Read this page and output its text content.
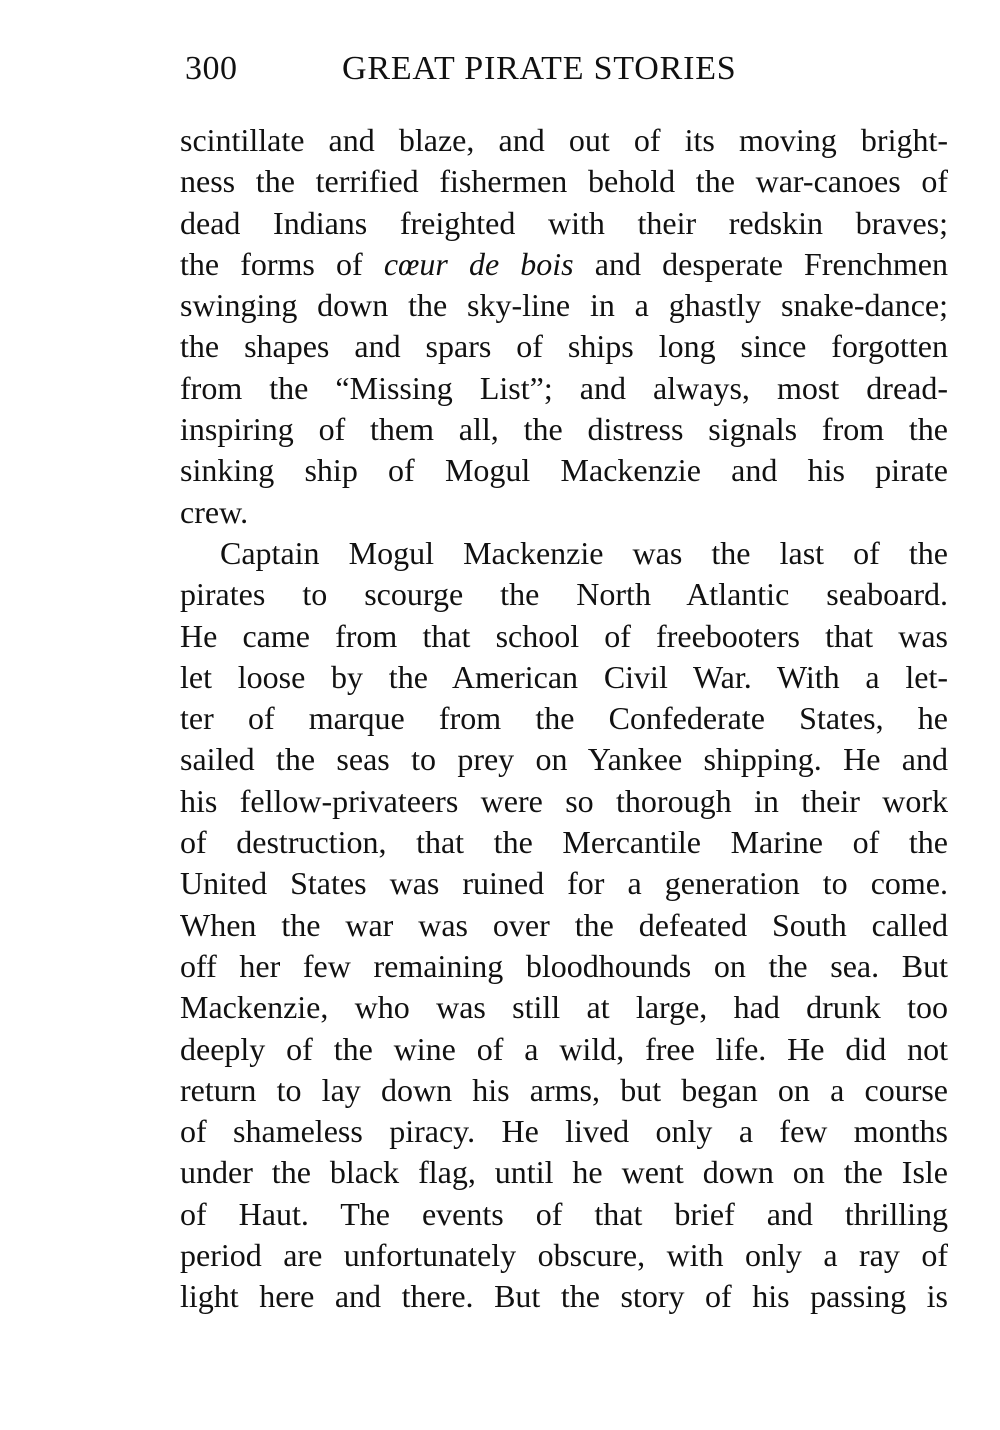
300	GREAT PIRATE STORIES
scintillate and blaze, and out of its moving bright-
ness the terrified fishermen behold the war-canoes of
dead Indians freighted with their redskin braves;
the forms of cœur de bois and desperate Frenchmen
swinging down the sky-line in a ghastly snake-dance;
the shapes and spars of ships long since forgotten
from the “Missing List”; and always, most dread-
inspiring of them all, the distress signals from the
sinking ship of Mogul Mackenzie and his pirate
crew.
Captain Mogul Mackenzie was the last of the
pirates to scourge the North Atlantic seaboard.
He came from that school of freebooters that was
let loose by the American Civil War. With a let-
ter of marque from the Confederate States, he
sailed the seas to prey on Yankee shipping. He and
his fellow-privateers were so thorough in their work
of destruction, that the Mercantile Marine of the
United States was ruined for a generation to come.
When the war was over the defeated South called
off her few remaining bloodhounds on the sea. But
Mackenzie, who was still at large, had drunk too
deeply of the wine of a wild, free life. He did not
return to lay down his arms, but began on a course
of shameless piracy. He lived only a few months
under the black flag, until he went down on the Isle
of Haut. The events of that brief and thrilling
period are unfortunately obscure, with only a ray of
light here and there. But the story of his passing is
